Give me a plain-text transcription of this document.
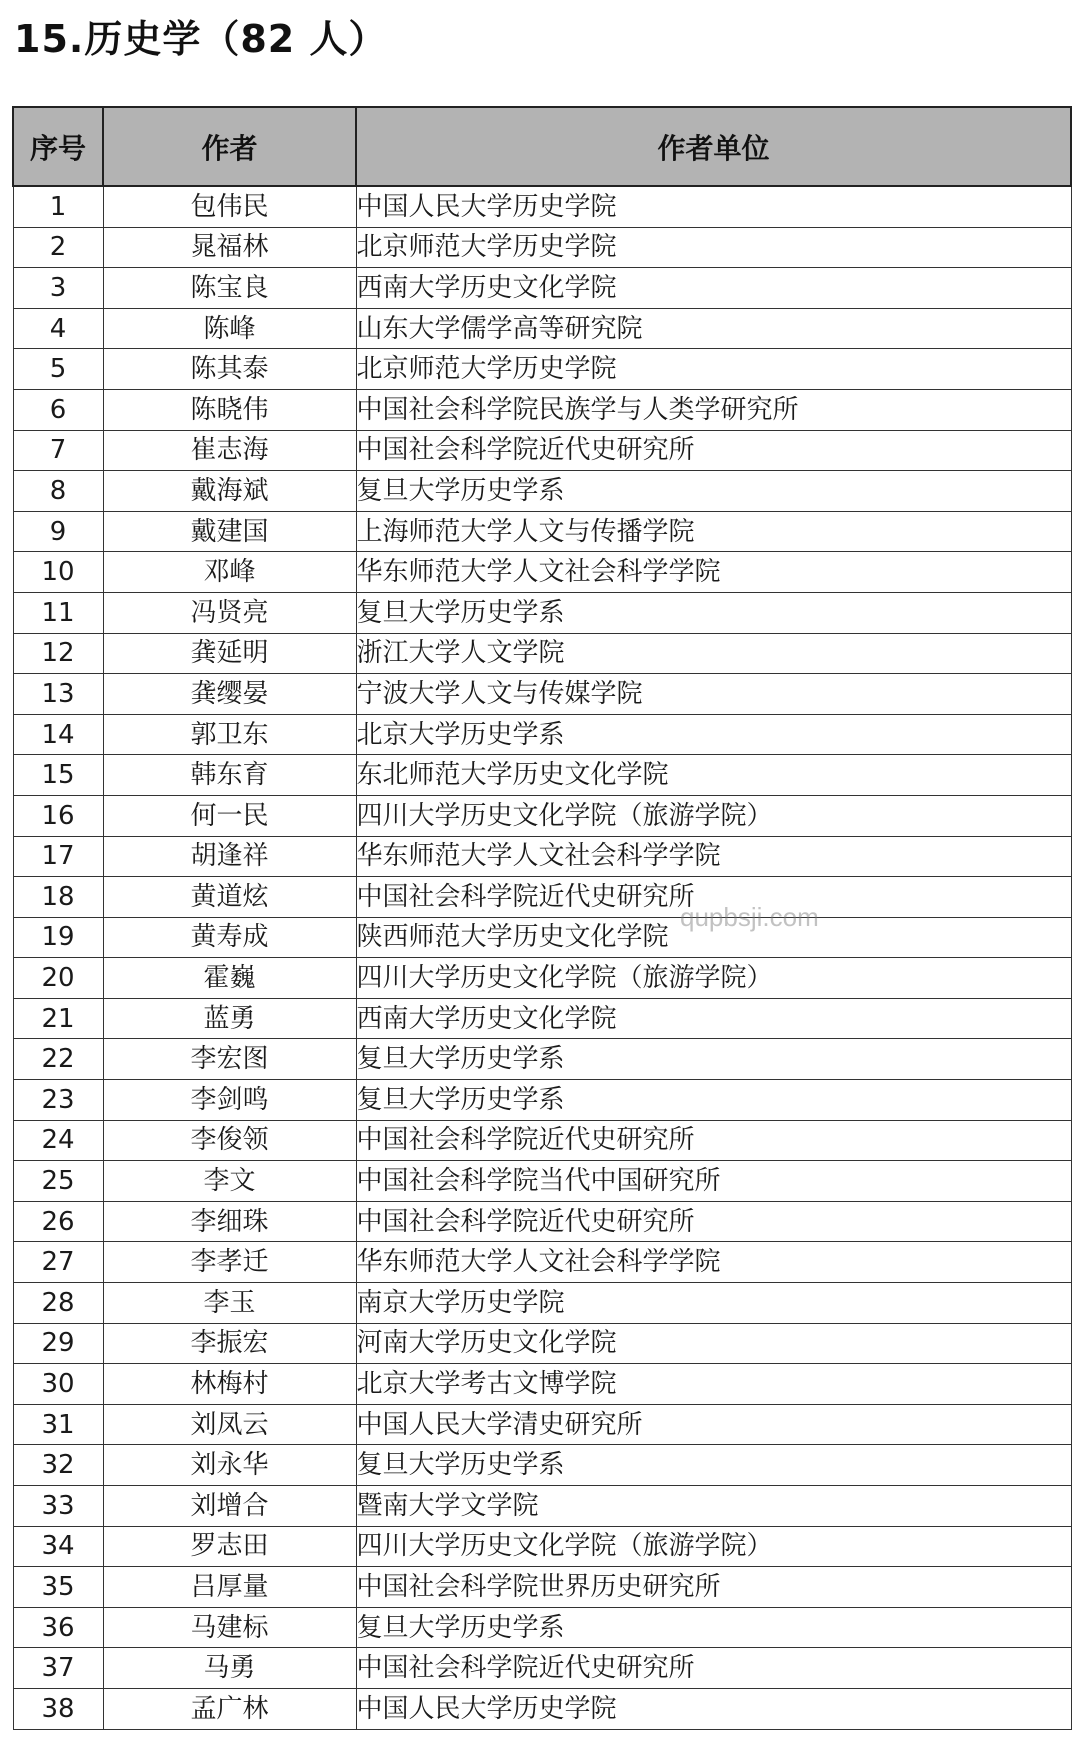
15.历史学（82 人）
序号	作者	作者单位
1	包伟民	中国人民大学历史学院
2	晁福林	北京师范大学历史学院
3	陈宝良	西南大学历史文化学院
4	陈峰	山东大学儒学高等研究院
5	陈其泰	北京师范大学历史学院
6	陈晓伟	中国社会科学院民族学与人类学研究所
7	崔志海	中国社会科学院近代史研究所
8	戴海斌	复旦大学历史学系
9	戴建国	上海师范大学人文与传播学院
10	邓峰	华东师范大学人文社会科学学院
11	冯贤亮	复旦大学历史学系
12	龚延明	浙江大学人文学院
13	龚缨晏	宁波大学人文与传媒学院
14	郭卫东	北京大学历史学系
15	韩东育	东北师范大学历史文化学院
16	何一民	四川大学历史文化学院（旅游学院）
17	胡逢祥	华东师范大学人文社会科学学院
18	黄道炫	中国社会科学院近代史研究所
19	黄寿成	陕西师范大学历史文化学院
20	霍巍	四川大学历史文化学院（旅游学院）
21	蓝勇	西南大学历史文化学院
22	李宏图	复旦大学历史学系
23	李剑鸣	复旦大学历史学系
24	李俊领	中国社会科学院近代史研究所
25	李文	中国社会科学院当代中国研究所
26	李细珠	中国社会科学院近代史研究所
27	李孝迁	华东师范大学人文社会科学学院
28	李玉	南京大学历史学院
29	李振宏	河南大学历史文化学院
30	林梅村	北京大学考古文博学院
31	刘凤云	中国人民大学清史研究所
32	刘永华	复旦大学历史学系
33	刘增合	暨南大学文学院
34	罗志田	四川大学历史文化学院（旅游学院）
35	吕厚量	中国社会科学院世界历史研究所
36	马建标	复旦大学历史学系
37	马勇	中国社会科学院近代史研究所
38	孟广林	中国人民大学历史学院
qupbsji.com
